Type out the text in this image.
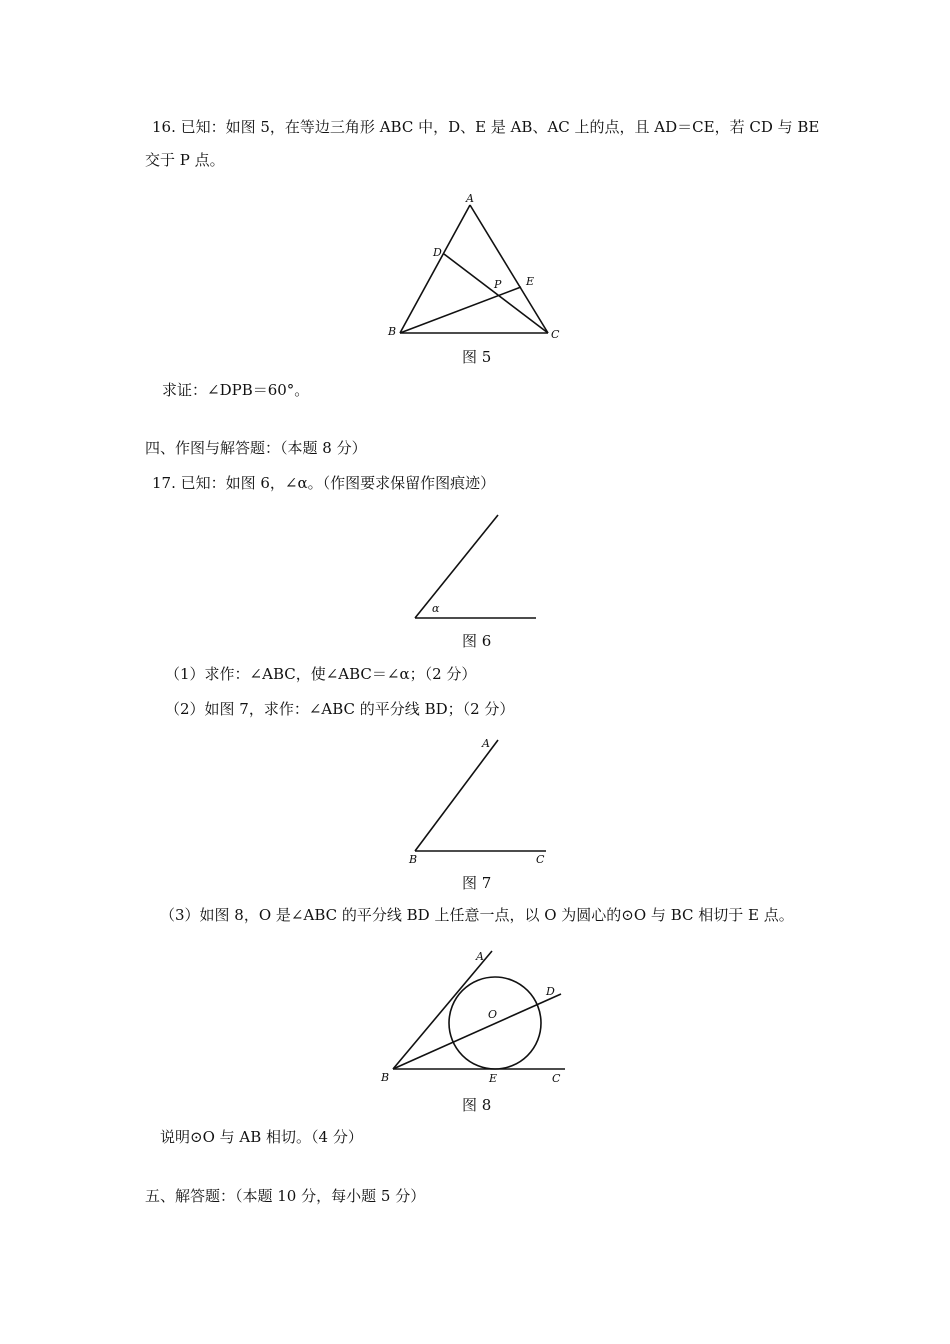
16. 已知：如图 5，在等边三角形 ABC 中，D、E 是 AB、AC 上的点，且 AD＝CE，若 CD 与 BE
交于 P 点。
A
B	C
D
E
P
图 5
求证：∠DPB＝60°。
四、作图与解答题：（本题 8 分）
17. 已知：如图 6，∠α。（作图要求保留作图痕迹）
α
图 6
（1）求作：∠ABC，使∠ABC＝∠α；（2 分）
（2）如图 7，求作：∠ABC 的平分线 BD；（2 分）
A
B	C
图 7
（3）如图 8，O 是∠ABC 的平分线 BD 上任意一点，以 O 为圆心的⊙O 与 BC 相切于 E 点。
A
B	C
D
E
O
图 8
说明⊙O 与 AB 相切。（4 分）
五、解答题：（本题 10 分，每小题 5 分）
